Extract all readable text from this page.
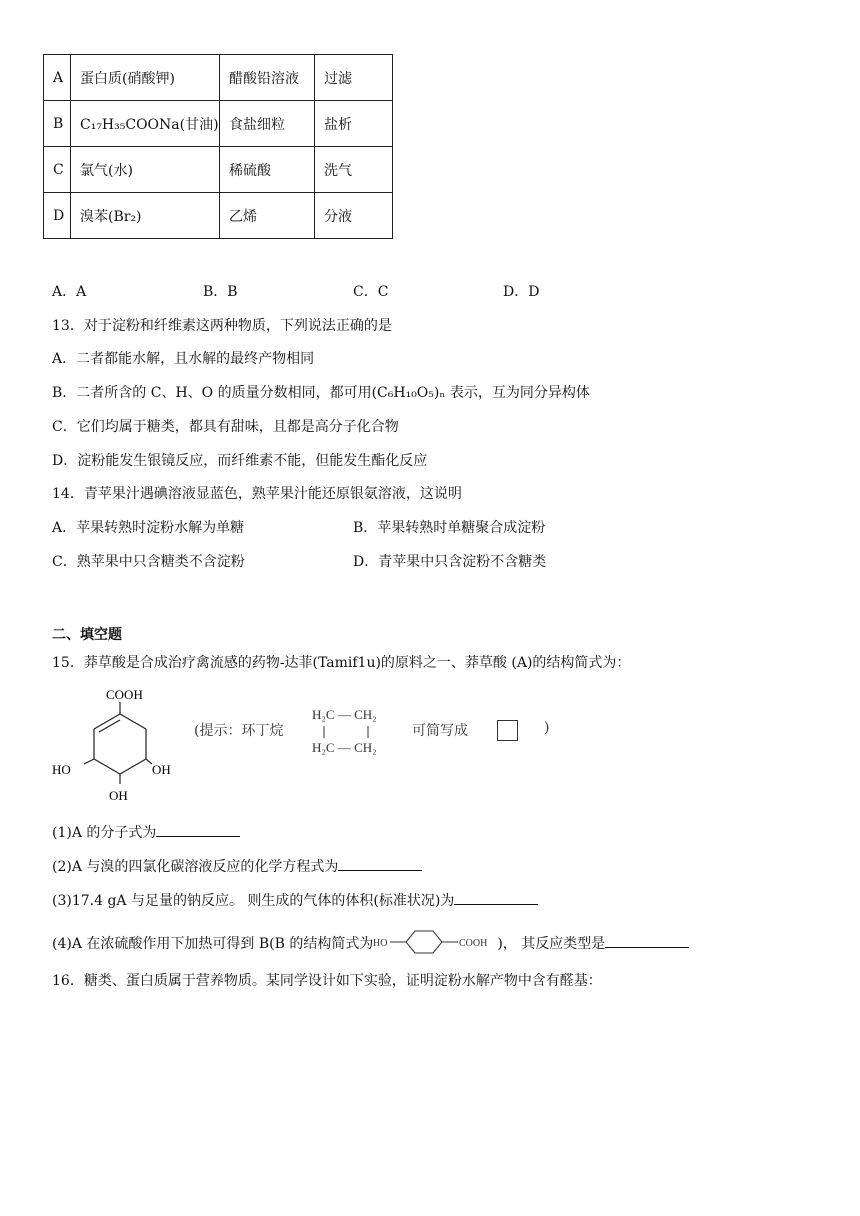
A	蛋白质(硝酸钾)	醋酸铅溶液	过滤
B	C₁₇H₃₅COONa(甘油)	食盐细粒	盐析
C	氯气(水)	稀硫酸	洗气
D	溴苯(Br₂)	乙烯	分液
A．A	B．B	C．C	D．D
13．对于淀粉和纤维素这两种物质，下列说法正确的是
A．二者都能水解，且水解的最终产物相同
B．二者所含的 C、H、O 的质量分数相同，都可用(C₆H₁₀O₅)ₙ 表示，互为同分异构体
C．它们均属于糖类，都具有甜味，且都是高分子化合物
D．淀粉能发生银镜反应，而纤维素不能，但能发生酯化反应
14．青苹果汁遇碘溶液显蓝色，熟苹果汁能还原银氨溶液，这说明
A．苹果转熟时淀粉水解为单糖	B．苹果转熟时单糖聚合成淀粉
C．熟苹果中只含糖类不含淀粉	D．青苹果中只含淀粉不含糖类
二、填空题
15．莽草酸是合成治疗禽流感的药物-达菲(Tamif1u)的原料之一、莽草酸 (A)的结构简式为：
COOH
HO	OH
OH
(提示：环丁烷
H₂C — CH₂
H₂C — CH₂
可简写成	)
(1)A 的分子式为
(2)A 与溴的四氯化碳溶液反应的化学方程式为
(3)17.4 gA 与足量的钠反应。 则生成的气体的体积(标准状况)为
(4)A 在浓硫酸作用下加热可得到 B(B 的结构简式为 HO	COOH )， 其反应类型是
16．糖类、蛋白质属于营养物质。某同学设计如下实验，证明淀粉水解产物中含有醛基：
